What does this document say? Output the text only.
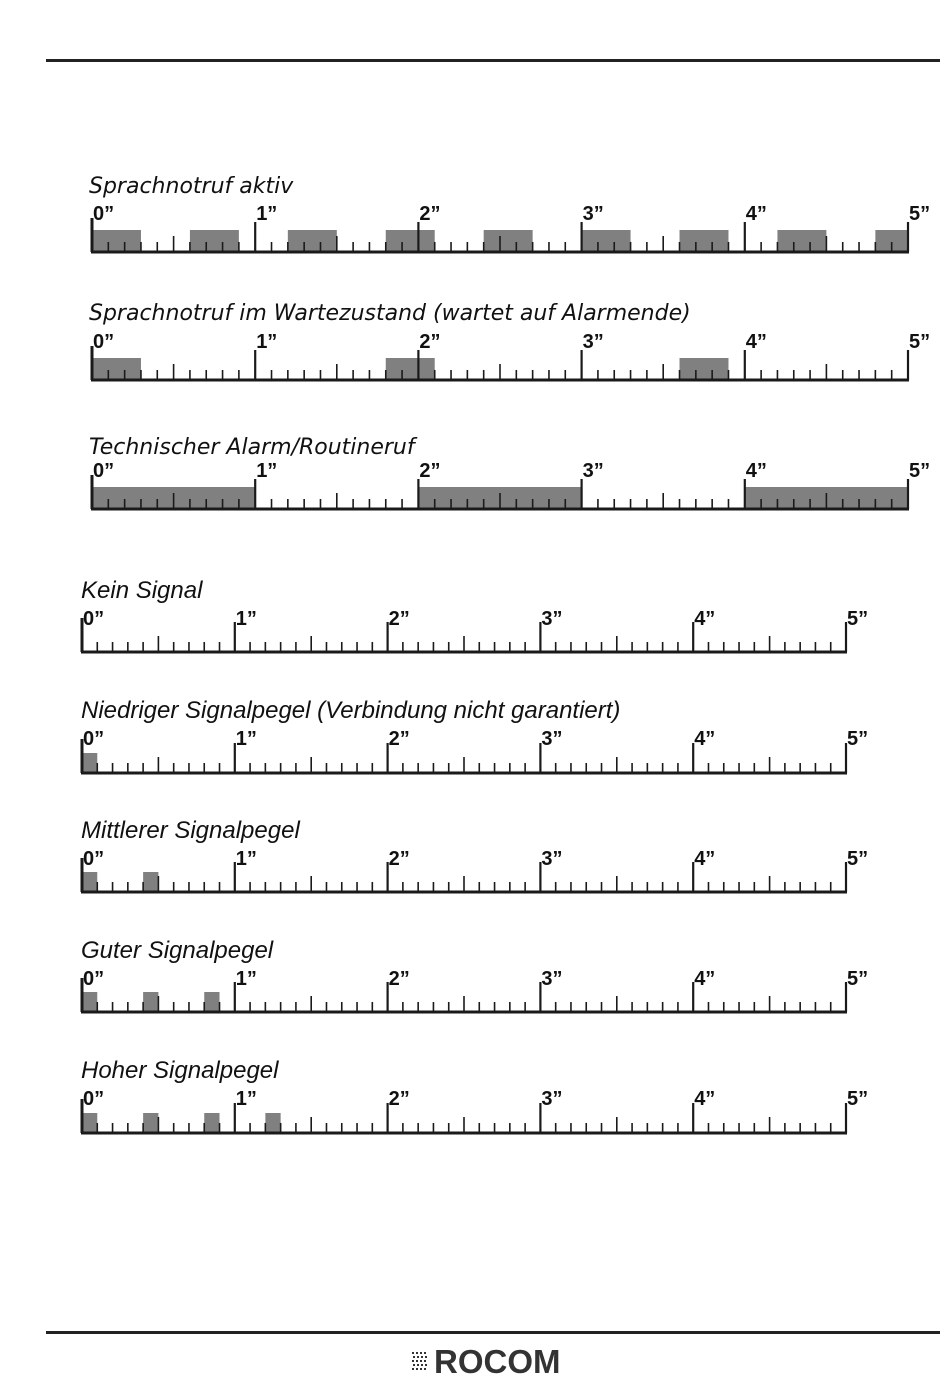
Sprachnotruf aktiv
0”	1”	2”	3”	4”	5”
Sprachnotruf im Wartezustand (wartet auf Alarmende)
0”	1”	2”	3”	4”	5”
Technischer Alarm/Routineruf
0”	1”	2”	3”	4”	5”
Kein Signal
0”	1”	2”	3”	4”	5”
Niedriger Signalpegel (Verbindung nicht garantiert)
0”	1”	2”	3”	4”	5”
Mittlerer Signalpegel
0”	1”	2”	3”	4”	5”
Guter Signalpegel
0”	1”	2”	3”	4”	5”
Hoher Signalpegel
0”	1”	2”	3”	4”	5”
ROCOM
